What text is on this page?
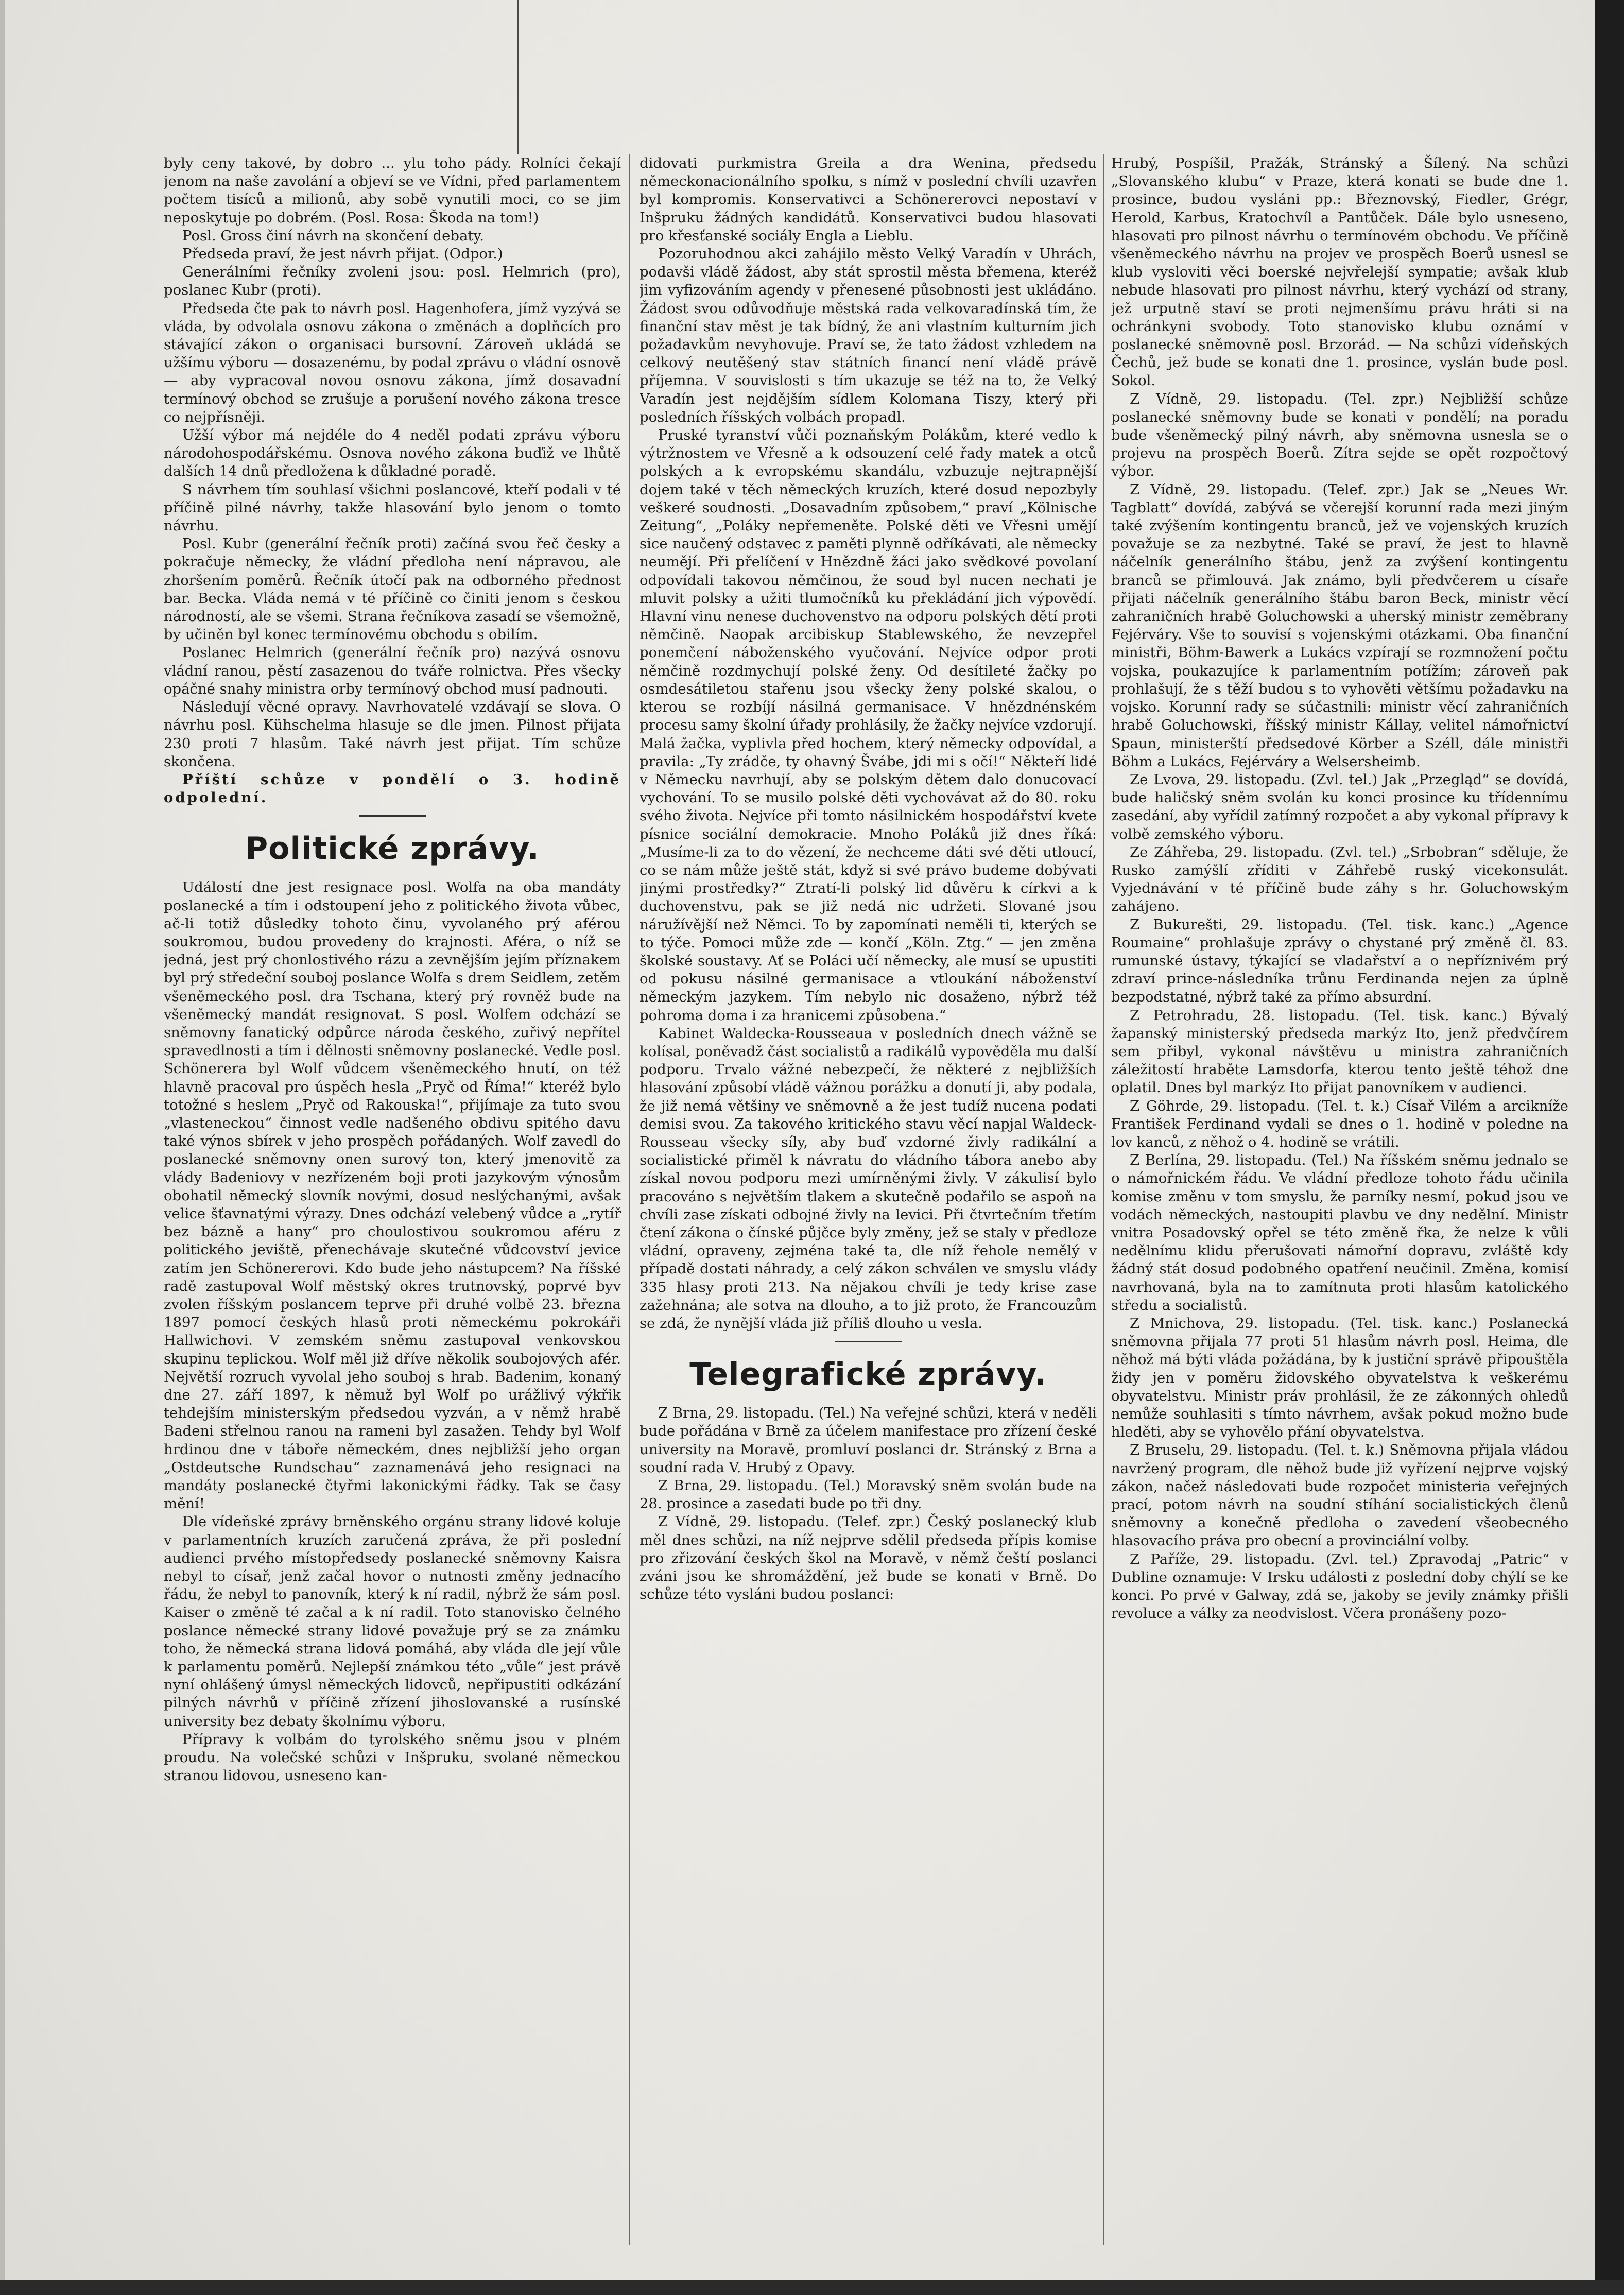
byly ceny takové, by dobro ... ylu toho pády. Rolníci čekají jenom na naše zavolání a objeví se ve Vídni, před parlamentem počtem tisíců a milionů, aby sobě vynutili moci, co se jim neposkytuje po dobrém. (Posl. Rosa: Škoda na tom!)

Posl. Gross činí návrh na skončení debaty.

Předseda praví, že jest návrh přijat. (Odpor.)

Generálními řečníky zvoleni jsou: posl. Helmrich (pro), poslanec Kubr (proti).

Předseda čte pak to návrh posl. Hagenhofera, jímž vyzývá se vláda, by odvolala osnovu zákona o změnách a doplňcích pro stávající zákon o organisaci bursovní. Zároveň ukládá se užšímu výboru — dosazenému, by podal zprávu o vládní osnově — aby vypracoval novou osnovu zákona, jímž dosavadní termínový obchod se zrušuje a porušení nového zákona tresce co nejpřísněji.

Užší výbor má nejdéle do 4 neděl podati zprávu výboru národohospodářskému. Osnova nového zákona buďiž ve lhůtě dalších 14 dnů předložena k důkladné poradě.

S návrhem tím souhlasí všichni poslancové, kteří podali v té příčině pilné návrhy, takže hlasování bylo jenom o tomto návrhu.

Posl. Kubr (generální řečník proti) začíná svou řeč česky a pokračuje německy, že vládní předloha není nápravou, ale zhoršením poměrů. Řečník útočí pak na odborného přednost bar. Becka. Vláda nemá v té příčině co činiti jenom s českou národností, ale se všemi. Strana řečníkova zasadí se všemožně, by učiněn byl konec termínovému obchodu s obilím.

Poslanec Helmrich (generální řečník pro) nazývá osnovu vládní ranou, pěstí zasazenou do tváře rolnictva. Přes všecky opáčné snahy ministra orby termínový obchod musí padnouti.

Následují věcné opravy. Navrhovatelé vzdávají se slova. O návrhu posl. Kühschelma hlasuje se dle jmen. Pilnost přijata 230 proti 7 hlasům. Také návrh jest přijat. Tím schůze skončena.

Příští schůze v pondělí o 3. hodině odpolední.

Politické zprávy.

Událostí dne jest resignace posl. Wolfa na oba mandáty poslanecké a tím i odstoupení jeho z politického života vůbec, ač-li totiž důsledky tohoto činu, vyvolaného prý aférou soukromou, budou provedeny do krajnosti. Aféra, o níž se jedná, jest prý chonlostivého rázu a zevnějším jejím příznakem byl prý středeční souboj poslance Wolfa s drem Seidlem, zetěm všeněmeckého posl. dra Tschana, který prý rovněž bude na všeněmecký mandát resignovat. S posl. Wolfem odchází se sněmovny fanatický odpůrce národa českého, zuřivý nepřítel spravedlnosti a tím i dělnosti sněmovny poslanecké. Vedle posl. Schönerera byl Wolf vůdcem všeněmeckého hnutí, on též hlavně pracoval pro úspěch hesla „Pryč od Říma!“ kteréž bylo totožné s heslem „Pryč od Rakouska!“, přijímaje za tuto svou „vlasteneckou“ činnost vedle nadšeného obdivu spitého davu také výnos sbírek v jeho prospěch pořádaných. Wolf zavedl do poslanecké sněmovny onen surový ton, který jmenovitě za vlády Badeniovy v nezřízeném boji proti jazykovým výnosům obohatil německý slovník novými, dosud neslýchanými, avšak velice šťavnatými výrazy. Dnes odchází velebený vůdce a „rytíř bez bázně a hany“ pro choulostivou soukromou aféru z politického jeviště, přenechávaje skutečné vůdcovství jevice zatím jen Schönererovi. Kdo bude jeho nástupcem? Na říšské radě zastupoval Wolf městský okres trutnovský, poprvé byv zvolen říšským poslancem teprve při druhé volbě 23. března 1897 pomocí českých hlasů proti německému pokrokáři Hallwichovi. V zemském sněmu zastupoval venkovskou skupinu teplickou. Wolf měl již dříve několik soubojových afér. Největší rozruch vyvolal jeho souboj s hrab. Badenim, konaný dne 27. září 1897, k němuž byl Wolf po urážlivý výkřik tehdejším ministerským předsedou vyzván, a v němž hrabě Badeni střelnou ranou na rameni byl zasažen. Tehdy byl Wolf hrdinou dne v táboře německém, dnes nejbližší jeho organ „Ostdeutsche Rundschau“ zaznamenává jeho resignaci na mandáty poslanecké čtyřmi lakonickými řádky. Tak se časy mění!

Dle vídeňské zprávy brněnského orgánu strany lidové koluje v parlamentních kruzích zaručená zpráva, že při poslední audienci prvého místopředsedy poslanecké sněmovny Kaisra nebyl to císař, jenž začal hovor o nutnosti změny jednacího řádu, že nebyl to panovník, který k ní radil, nýbrž že sám posl. Kaiser o změně té začal a k ní radil. Toto stanovisko čelného poslance německé strany lidové považuje prý se za známku toho, že německá strana lidová pomáhá, aby vláda dle její vůle k parlamentu poměrů. Nejlepší známkou této „vůle“ jest právě nyní ohlášený úmysl německých lidovců, nepřipustiti odkázání pilných návrhů v příčině zřízení jihoslovanské a rusínské university bez debaty školnímu výboru.

Přípravy k volbám do tyrolského sněmu jsou v plném proudu. Na volečské schůzi v Inšpruku, svolané německou stranou lidovou, usneseno kan-

didovati purkmistra Greila a dra Wenina, předsedu německonacionálního spolku, s nímž v poslední chvíli uzavřen byl kompromis. Konservativci a Schönererovci nepostaví v Inšpruku žádných kandidátů. Konservativci budou hlasovati pro křesťanské sociály Engla a Lieblu.

Pozoruhodnou akci zahájilo město Velký Varadín v Uhrách, podavši vládě žádost, aby stát sprostil města břemena, kteréž jim vyfizováním agendy v přenesené působnosti jest ukládáno. Žádost svou odůvodňuje městská rada velkovaradínská tím, že finanční stav měst je tak bídný, že ani vlastním kulturním jich požadavkům nevyhovuje. Praví se, že tato žádost vzhledem na celkový neutěšený stav státních financí není vládě právě příjemna. V souvislosti s tím ukazuje se též na to, že Velký Varadín jest nejdějším sídlem Kolomana Tiszy, který při posledních říšských volbách propadl.

Pruské tyranství vůči poznaňským Polákům, které vedlo k výtržnostem ve Vřesně a k odsouzení celé řady matek a otců polských a k evropskému skandálu, vzbuzuje nejtrapnější dojem také v těch německých kruzích, které dosud nepozbyly veškeré soudnosti. „Dosavadním způsobem,“ praví „Kölnische Zeitung“, „Poláky nepřemeněte. Polské děti ve Vřesni umějí sice naučený odstavec z paměti plynně odříkávati, ale německy neumějí. Při přelíčení v Hnězdně žáci jako svědkové povolaní odpovídali takovou němčinou, že soud byl nucen nechati je mluvit polsky a užiti tlumočníků ku překládání jich výpovědí. Hlavní vinu nenese duchovenstvo na odporu polských dětí proti němčině. Naopak arcibiskup Stablewského, že nevzepřel ponemčení náboženského vyučování. Nejvíce odpor proti němčině rozdmychují polské ženy. Od desítileté žačky po osmdesátiletou stařenu jsou všecky ženy polské skalou, o kterou se rozbíjí násilná germanisace. V hnězdnénském procesu samy školní úřady prohlásily, že žačky nejvíce vzdorují. Malá žačka, vyplivla před hochem, který německy odpovídal, a pravila: „Ty zrádče, ty ohavný Švábe, jdi mi s očí!“ Někteří lidé v Německu navrhují, aby se polským dětem dalo donucovací vychování. To se musilo polské děti vychovávat až do 80. roku svého života. Nejvíce při tomto násilnickém hospodářství kvete písnice sociální demokracie. Mnoho Poláků již dnes říká: „Musíme-li za to do vězení, že nechceme dáti své děti utloucí, co se nám může ještě stát, když si své právo budeme dobývati jinými prostředky?“ Ztratí-li polský lid důvěru k církvi a k duchovenstvu, pak se již nedá nic udržeti. Slované jsou náružívější než Němci. To by zapomínati neměli ti, kterých se to týče. Pomoci může zde — končí „Köln. Ztg.“ — jen změna školské soustavy. Ať se Poláci učí německy, ale musí se upustiti od pokusu násilné germanisace a vtloukání náboženství německým jazykem. Tím nebylo nic dosaženo, nýbrž též pohroma doma i za hranicemi způsobena.“

Kabinet Waldecka-Rousseaua v posledních dnech vážně se kolísal, poněvadž část socialistů a radikálů vypověděla mu další podporu. Trvalo vážné nebezpečí, že některé z nejbližších hlasování způsobí vládě vážnou porážku a donutí ji, aby podala, že již nemá většiny ve sněmovně a že jest tudíž nucena podati demisi svou. Za takového kritického stavu věcí napjal Waldeck-Rousseau všecky síly, aby buď vzdorné živly radikální a socialistické přiměl k návratu do vládního tábora anebo aby získal novou podporu mezi umírněnými živly. V zákulisí bylo pracováno s největším tlakem a skutečně podařilo se aspoň na chvíli zase získati odbojné živly na levici. Při čtvrtečním třetím čtení zákona o čínské půjčce byly změny, jež se staly v předloze vládní, opraveny, zejména také ta, dle níž řehole nemělý v případě dostati náhrady, a celý zákon schválen ve smyslu vlády 335 hlasy proti 213. Na nějakou chvíli je tedy krise zase zažehnána; ale sotva na dlouho, a to již proto, že Francouzům se zdá, že nynější vláda již příliš dlouho u vesla.

Telegrafické zprávy.

Z Brna, 29. listopadu. (Tel.) Na veřejné schůzi, která v neděli bude pořádána v Brně za účelem manifestace pro zřízení české university na Moravě, promluví poslanci dr. Stránský z Brna a soudní rada V. Hrubý z Opavy.

Z Brna, 29. listopadu. (Tel.) Moravský sněm svolán bude na 28. prosince a zasedati bude po tři dny.

Z Vídně, 29. listopadu. (Telef. zpr.) Český poslanecký klub měl dnes schůzi, na níž nejprve sdělil předseda přípis komise pro zřizování českých škol na Moravě, v němž čeští poslanci zváni jsou ke shromáždění, jež bude se konati v Brně. Do schůze této vysláni budou poslanci:

Hrubý, Pospíšil, Pražák, Stránský a Šílený. Na schůzi „Slovanského klubu“ v Praze, která konati se bude dne 1. prosince, budou vysláni pp.: Březnovský, Fiedler, Grégr, Herold, Karbus, Kratochvíl a Pantůček. Dále bylo usneseno, hlasovati pro pilnost návrhu o termínovém obchodu. Ve příčině všeněmeckého návrhu na projev ve prospěch Boerů usnesl se klub vysloviti věci boerské nejvřelejší sympatie; avšak klub nebude hlasovati pro pilnost návrhu, který vychází od strany, jež urputně staví se proti nejmenšímu právu hráti si na ochránkyni svobody. Toto stanovisko klubu oznámí v poslanecké sněmovně posl. Brzorád. — Na schůzi vídeňských Čechů, jež bude se konati dne 1. prosince, vyslán bude posl. Sokol.

Z Vídně, 29. listopadu. (Tel. zpr.) Nejbližší schůze poslanecké sněmovny bude se konati v pondělí; na poradu bude všeněmecký pilný návrh, aby sněmovna usnesla se o projevu na prospěch Boerů. Zítra sejde se opět rozpočtový výbor.

Z Vídně, 29. listopadu. (Telef. zpr.) Jak se „Neues Wr. Tagblatt“ dovídá, zabývá se včerejší korunní rada mezi jiným také zvýšením kontingentu branců, jež ve vojenských kruzích považuje se za nezbytné. Také se praví, že jest to hlavně náčelník generálního štábu, jenž za zvýšení kontingentu branců se přimlouvá. Jak známo, byli předvčerem u císaře přijati náčelník generálního štábu baron Beck, ministr věcí zahraničních hrabě Goluchowski a uherský ministr zeměbrany Fejérváry. Vše to souvisí s vojenskými otázkami. Oba finanční ministři, Böhm-Bawerk a Lukács vzpírají se rozmnožení počtu vojska, poukazujíce k parlamentním potížím; zároveň pak prohlašují, že s těží budou s to vyhověti většímu požadavku na vojsko. Korunní rady se súčastnili: ministr věcí zahraničních hrabě Goluchowski, říšský ministr Kállay, velitel námořnictví Spaun, ministerští předsedové Körber a Széll, dále ministři Böhm a Lukács, Fejérváry a Welsersheimb.

Ze Lvova, 29. listopadu. (Zvl. tel.) Jak „Przegląd“ se dovídá, bude haličský sněm svolán ku konci prosince ku třídennímu zasedání, aby vyřídil zatímný rozpočet a aby vykonal přípravy k volbě zemského výboru.

Ze Záhřeba, 29. listopadu. (Zvl. tel.) „Srbobran“ sděluje, že Rusko zamýšlí zříditi v Záhřebě ruský vicekonsulát. Vyjednávání v té příčině bude záhy s hr. Goluchowským zahájeno.

Z Bukurešti, 29. listopadu. (Tel. tisk. kanc.) „Agence Roumaine“ prohlašuje zprávy o chystané prý změně čl. 83. rumunské ústavy, týkající se vladařství a o nepříznivém prý zdraví prince-následníka trůnu Ferdinanda nejen za úplně bezpodstatné, nýbrž také za přímo absurdní.

Z Petrohradu, 28. listopadu. (Tel. tisk. kanc.) Bývalý žapanský ministerský předseda markýz Ito, jenž předvčírem sem přibyl, vykonal návštěvu u ministra zahraničních záležitostí hraběte Lamsdorfa, kterou tento ještě téhož dne oplatil. Dnes byl markýz Ito přijat panovníkem v audienci.

Z Göhrde, 29. listopadu. (Tel. t. k.) Císař Vilém a arcikníže František Ferdinand vydali se dnes o 1. hodině v poledne na lov kanců, z něhož o 4. hodině se vrátili.

Z Berlína, 29. listopadu. (Tel.) Na říšském sněmu jednalo se o námořnickém řádu. Ve vládní předloze tohoto řádu učinila komise změnu v tom smyslu, že parníky nesmí, pokud jsou ve vodách německých, nastoupiti plavbu ve dny nedělní. Ministr vnitra Posadovský opřel se této změně řka, že nelze k vůli nedělnímu klidu přerušovati námořní dopravu, zvláště kdy žádný stát dosud podobného opatření neučinil. Změna, komisí navrhovaná, byla na to zamítnuta proti hlasům katolického středu a socialistů.

Z Mnichova, 29. listopadu. (Tel. tisk. kanc.) Poslanecká sněmovna přijala 77 proti 51 hlasům návrh posl. Heima, dle něhož má býti vláda požádána, by k justiční správě připouštěla židy jen v poměru židovského obyvatelstva k veškerému obyvatelstvu. Ministr práv prohlásil, že ze zákonných ohledů nemůže souhlasiti s tímto návrhem, avšak pokud možno bude hleděti, aby se vyhovělo přání obyvatelstva.

Z Bruselu, 29. listopadu. (Tel. t. k.) Sněmovna přijala vládou navržený program, dle něhož bude již vyřízení nejprve vojský zákon, načež následovati bude rozpočet ministeria veřejných prací, potom návrh na soudní stíhání socialistických členů sněmovny a konečně předloha o zavedení všeobecného hlasovacího práva pro obecní a provinciální volby.

Z Paříže, 29. listopadu. (Zvl. tel.) Zpravodaj „Patric“ v Dubline oznamuje: V Irsku události z poslední doby chýlí se ke konci. Po prvé v Galway, zdá se, jakoby se jevily známky přišli revoluce a války za neodvislost. Včera pronášeny pozo-
